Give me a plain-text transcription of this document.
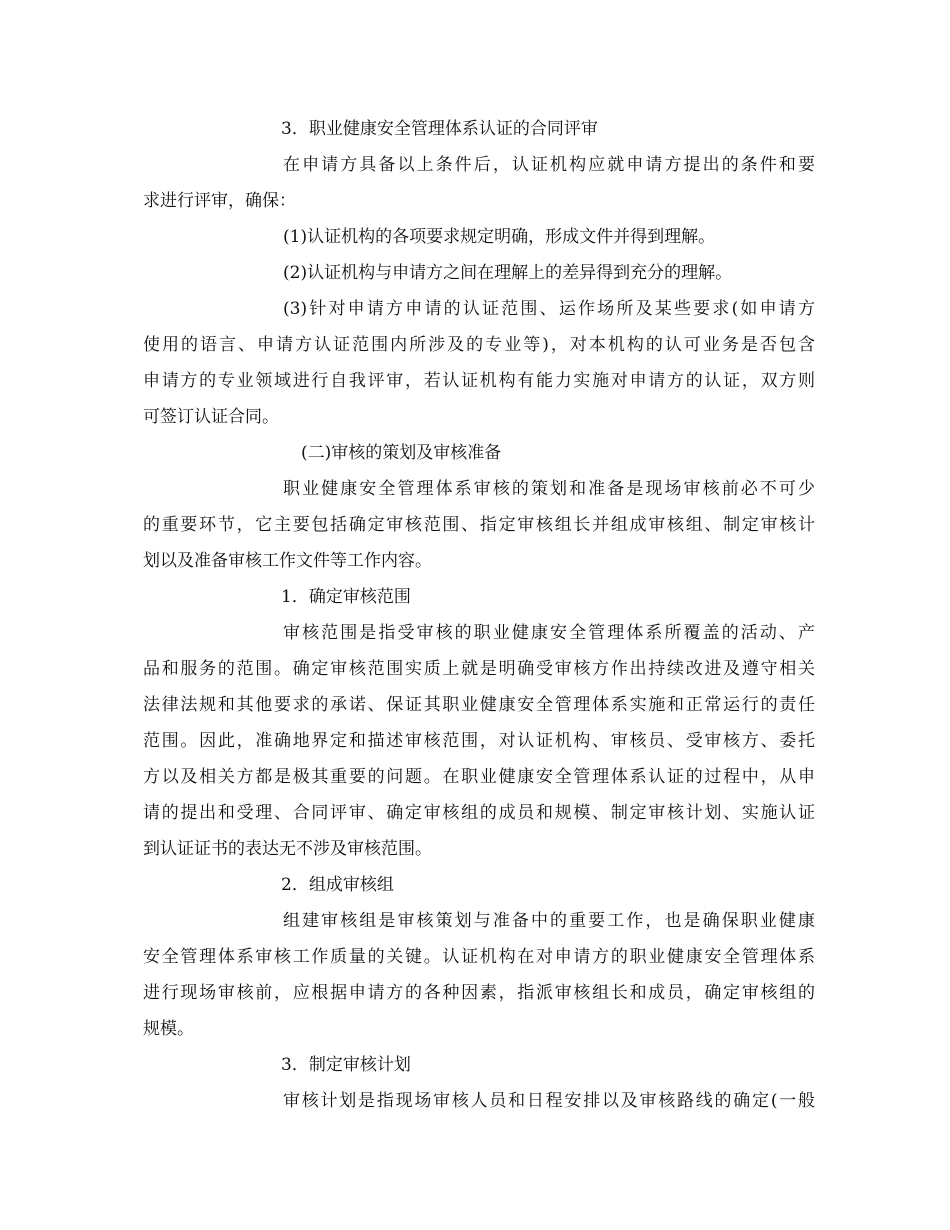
3．职业健康安全管理体系认证的合同评审
在申请方具备以上条件后，认证机构应就申请方提出的条件和要
求进行评审，确保：
(1)认证机构的各项要求规定明确，形成文件并得到理解。
(2)认证机构与申请方之间在理解上的差异得到充分的理解。
(3)针对申请方申请的认证范围、运作场所及某些要求(如申请方
使用的语言、申请方认证范围内所涉及的专业等)，对本机构的认可业务是否包含
申请方的专业领域进行自我评审，若认证机构有能力实施对申请方的认证，双方则
可签订认证合同。
(二)审核的策划及审核准备
职业健康安全管理体系审核的策划和准备是现场审核前必不可少
的重要环节，它主要包括确定审核范围、指定审核组长并组成审核组、制定审核计
划以及准备审核工作文件等工作内容。
1．确定审核范围
审核范围是指受审核的职业健康安全管理体系所覆盖的活动、产
品和服务的范围。确定审核范围实质上就是明确受审核方作出持续改进及遵守相关
法律法规和其他要求的承诺、保证其职业健康安全管理体系实施和正常运行的责任
范围。因此，准确地界定和描述审核范围，对认证机构、审核员、受审核方、委托
方以及相关方都是极其重要的问题。在职业健康安全管理体系认证的过程中，从申
请的提出和受理、合同评审、确定审核组的成员和规模、制定审核计划、实施认证
到认证证书的表达无不涉及审核范围。
2．组成审核组
组建审核组是审核策划与准备中的重要工作，也是确保职业健康
安全管理体系审核工作质量的关键。认证机构在对申请方的职业健康安全管理体系
进行现场审核前，应根据申请方的各种因素，指派审核组长和成员，确定审核组的
规模。
3．制定审核计划
审核计划是指现场审核人员和日程安排以及审核路线的确定(一般
